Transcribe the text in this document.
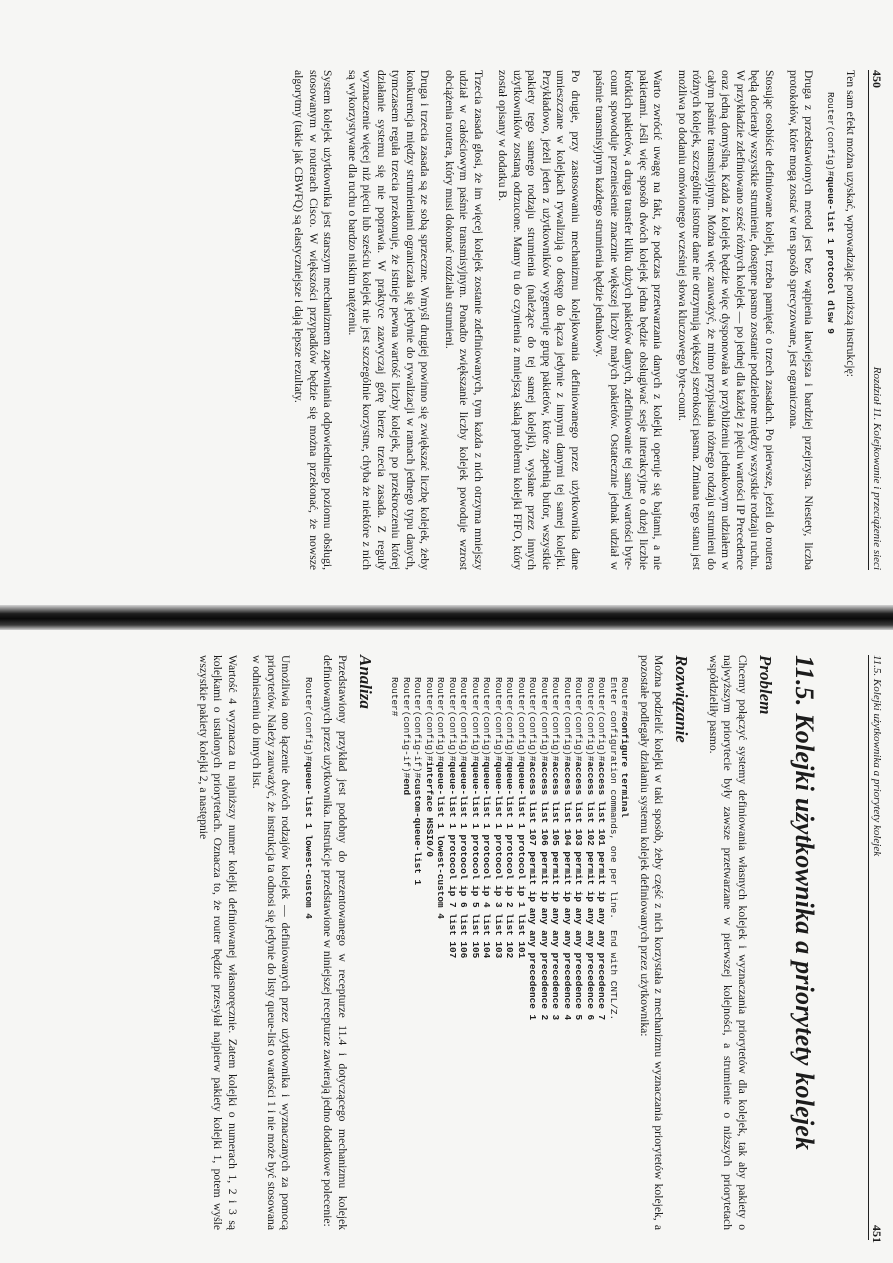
450
Rozdział 11. Kolejkowanie i przeciążenie sieci

Ten sam efekt można uzyskać, wprowadzając poniższą instrukcję:

Router(config)#queue-list 1 protocol dlsw 9

Druga z przedstawionych metod jest bez wątpienia łatwiejsza i bardziej przejrzysta. Niestety, liczba protokołów, które mogą zostać w ten sposób sprecyzowane, jest ograniczona.

Stosując osobiście definiowane kolejki, trzeba pamiętać o trzech zasadach. Po pierwsze, jeżeli do routera będą docierały wszystkie strumienie, dostępne pasmo zostanie podzielone między wszystkie rodzaju ruchu. W przykładzie zdefiniowano sześć różnych kolejek — po jednej dla każdej z pięciu wartości IP Precedence oraz jedną domyślną. Każda z kolejek będzie więc dysponowała w przybliżeniu jednakowym udziałem w całym paśmie transmisyjnym. Można więc zauważyć, że mimo przypisania różnego rodzaju strumieni do różnych kolejek, szczególnie istotne dane nie otrzymują większej szerokości pasma. Zmiana tego stanu jest możliwa po dodaniu omówionego wcześniej słowa kluczowego byte-count.

Warto zwrócić uwagę na fakt, że podczas przetwarzania danych z kolejki operuje się bajtami, a nie pakietami. Jeśli więc sposób dwóch kolejek jedna będzie obsługiwać sesje interakcyjne o dużej liczbie krótkich pakietów, a druga transfer kilku dużych pakietów danych, zdefiniowanie tej samej wartości byte-count spowoduje przeniesienie znacznie większej liczby małych pakietów. Ostatecznie jednak udział w paśmie transmisyjnym każdego strumienia będzie jednakowy.

Po drugie, przy zastosowaniu mechanizmu kolejkowania definiowanego przez użytkownika dane umieszczane w kolejkach rywalizują o dostęp do łącza jedynie z innymi danymi tej samej kolejki. Przykładowo, jeżeli jeden z użytkowników wygeneruje grupę pakietów, które zapełnią bufor, wszystkie pakiety tego samego rodzaju strumienia (należące do tej samej kolejki), wysłane przez innych użytkowników zostaną odrzucone. Mamy tu do czynienia z mniejszą skalą problemu kolejki FIFO, który został opisany w dodatku B.

Trzecia zasada głosi, że im więcej kolejek zostanie zdefiniowanych, tym każda z nich otrzyma mniejszy udział w całościowym paśmie transmisyjnym. Ponadto zwiększanie liczby kolejek powoduje wzrost obciążenia routera, który musi dokonać rozdziału strumieni.

Druga i trzecia zasada są ze sobą sprzeczne. Wmyśl drugiej powinno się zwiększać liczbę kolejek, żeby konkurencja między strumieniami ograniczała się jedynie do rywalizacji w ramach jednego typu danych, tymczasem reguła trzecia przekonuje, że istnieje pewna wartość liczby kolejek, po przekroczeniu której działanie systemu się nie poprawia. W praktyce zazwyczaj górę bierze trzecia zasada. Z reguły wyznaczenie więcej niż pięciu lub sześciu kolejek nie jest szczególnie korzystne, chyba że niektóre z nich są wykorzystywane dla ruchu o bardzo niskim natężeniu.

System kolejek użytkownika jest starszym mechanizmem zapewniania odpowiedniego poziomu obsługi, stosowanym w routerach Cisco. W większości przypadków będzie się można przekonać, że nowsze algorytmy (takie jak CBWFQ) są elastyczniejsze i dają lepsze rezultaty.

11.5. Kolejki użytkownika a priorytety kolejek
451
11.5. Kolejki użytkownika a priorytety kolejek
Problem

Chcemy połączyć systemy definiowania własnych kolejek i wyznaczania priorytetów dla kolejek, tak aby pakiety o najwyższym priorytecie były zawsze przetwarzane w pierwszej kolejności, a strumienie o niższych priorytetach współdzieliły pasmo.

Rozwiązanie

Można podzielić kolejki w taki sposób, żeby część z nich korzystała z mechanizmu wyznaczania priorytetów kolejek, a pozostałe podlegały działaniu systemu kolejek definiowanych przez użytkownika:

Router#configure terminal
Enter configuration commands, one per line.  End with CNTL/Z.
Router(config)#access list 101 permit ip any any precedence 7
Router(config)#access list 102 permit ip any any precedence 6
Router(config)#access list 103 permit ip any any precedence 5
Router(config)#access list 104 permit ip any any precedence 4
Router(config)#access list 105 permit ip any any precedence 3
Router(config)#access list 106 permit ip any any precedence 2
Router(config)#access list 107 permit ip any any precedence 1
Router(config)#queue-list 1 protocol ip 1 list 101
Router(config)#queue-list 1 protocol ip 2 list 102
Router(config)#queue-list 1 protocol ip 3 list 103
Router(config)#queue-list 1 protocol ip 4 list 104
Router(config)#queue-list 1 protocol ip 5 list 105
Router(config)#queue-list 1 protocol ip 6 list 106
Router(config)#queue-list 1 protocol ip 7 list 107
Router(config)#queue-list 1 lowest-custom 4
Router(config)#interface HSSI0/0
Router(config-if)#custom-queue-list 1
Router(config-if)#end
Router#
Analiza

Przedstawiony przykład jest podobny do prezentowanego w recepturze 11.4 i dotyczącego mechanizmu kolejek definiowanych przez użytkownika. Instrukcje przedstawione w niniejszej recepturze zawierają jedno dodatkowe polecenie:

Router(config)#queue-list 1 lowest-custom 4

Umożliwia ono łączenie dwóch rodzajów kolejek — definiowanych przez użytkownika i wyznaczanych za pomocą priorytetów. Należy zauważyć, że instrukcja ta odnosi się jedynie do listy queue-list o wartości 1 i nie może być stosowana w odniesieniu do innych list.

Wartość 4 wyznacza tu najniższy numer kolejki definiowanej własnoręcznie. Zatem kolejki o numerach 1, 2 i 3 są kolejkami o ustalonych priorytetach. Oznacza to, że router będzie przesyłał najpierw pakiety kolejki 1, potem wyśle wszystkie pakiety kolejki 2, a następnie
